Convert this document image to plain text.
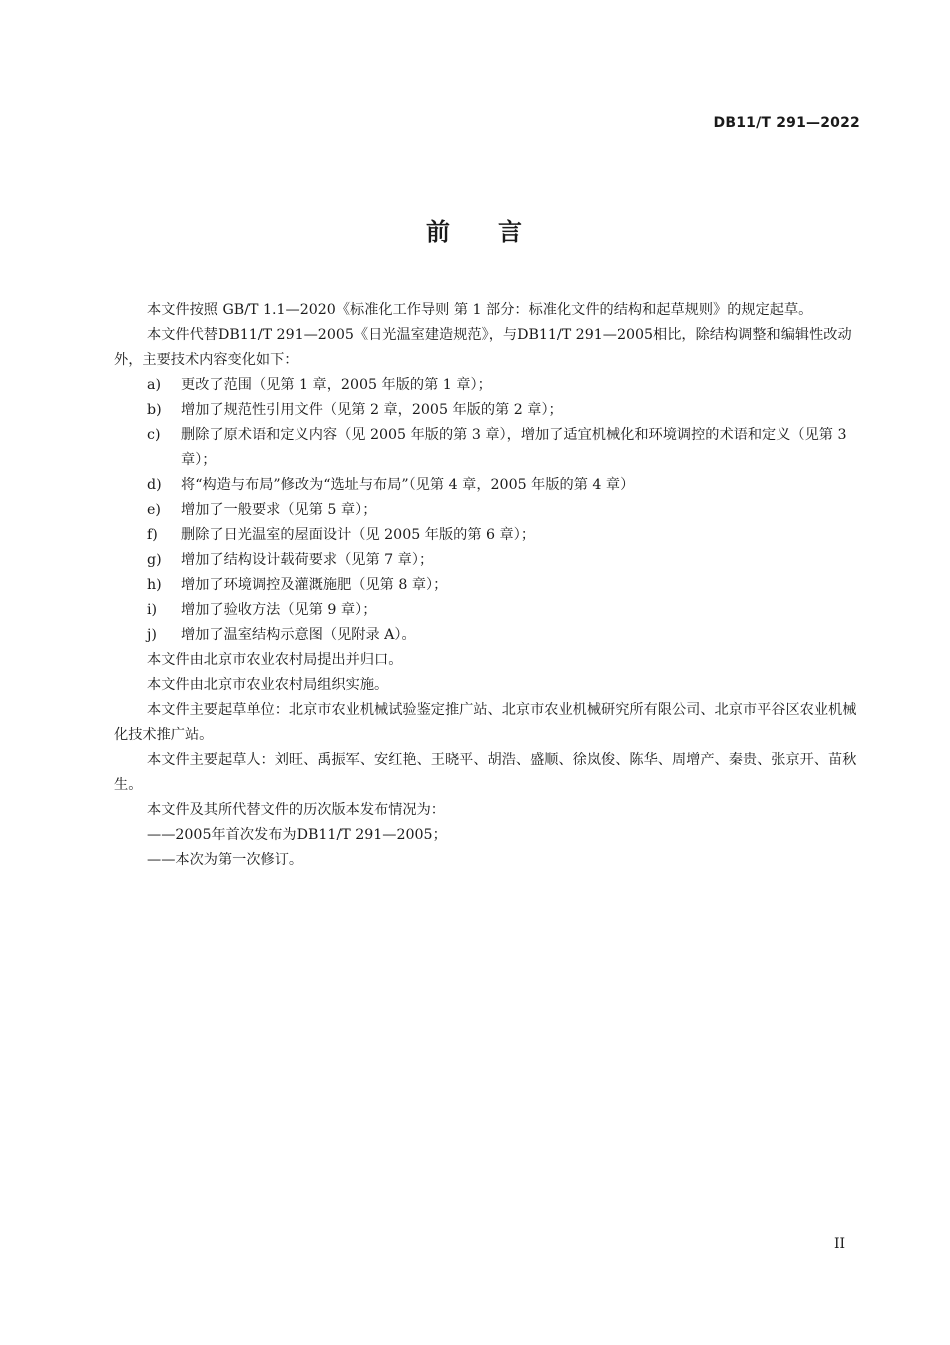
DB11/T 291—2022
前 言

本文件按照 GB/T 1.1—2020《标准化工作导则 第 1 部分：标准化文件的结构和起草规则》的规定起草。

本文件代替DB11/T 291—2005《日光温室建造规范》，与DB11/T 291—2005相比，除结构调整和编辑性改动外，主要技术内容变化如下：

a) 更改了范围（见第 1 章，2005 年版的第 1 章）；

b) 增加了规范性引用文件（见第 2 章，2005 年版的第 2 章）；

c) 删除了原术语和定义内容（见 2005 年版的第 3 章），增加了适宜机械化和环境调控的术语和定义（见第 3 章）；

d) 将“构造与布局”修改为“选址与布局”（见第 4 章，2005 年版的第 4 章）

e) 增加了一般要求（见第 5 章）；

f) 删除了日光温室的屋面设计（见 2005 年版的第 6 章）；

g) 增加了结构设计载荷要求（见第 7 章）；

h) 增加了环境调控及灌溉施肥（见第 8 章）；

i) 增加了验收方法（见第 9 章）；

j) 增加了温室结构示意图（见附录 A）。

本文件由北京市农业农村局提出并归口。

本文件由北京市农业农村局组织实施。

本文件主要起草单位：北京市农业机械试验鉴定推广站、北京市农业机械研究所有限公司、北京市平谷区农业机械化技术推广站。

本文件主要起草人：刘旺、禹振军、安红艳、王晓平、胡浩、盛顺、徐岚俊、陈华、周增产、秦贵、张京开、苗秋生。

本文件及其所代替文件的历次版本发布情况为：

——2005年首次发布为DB11/T 291—2005；

——本次为第一次修订。

II
